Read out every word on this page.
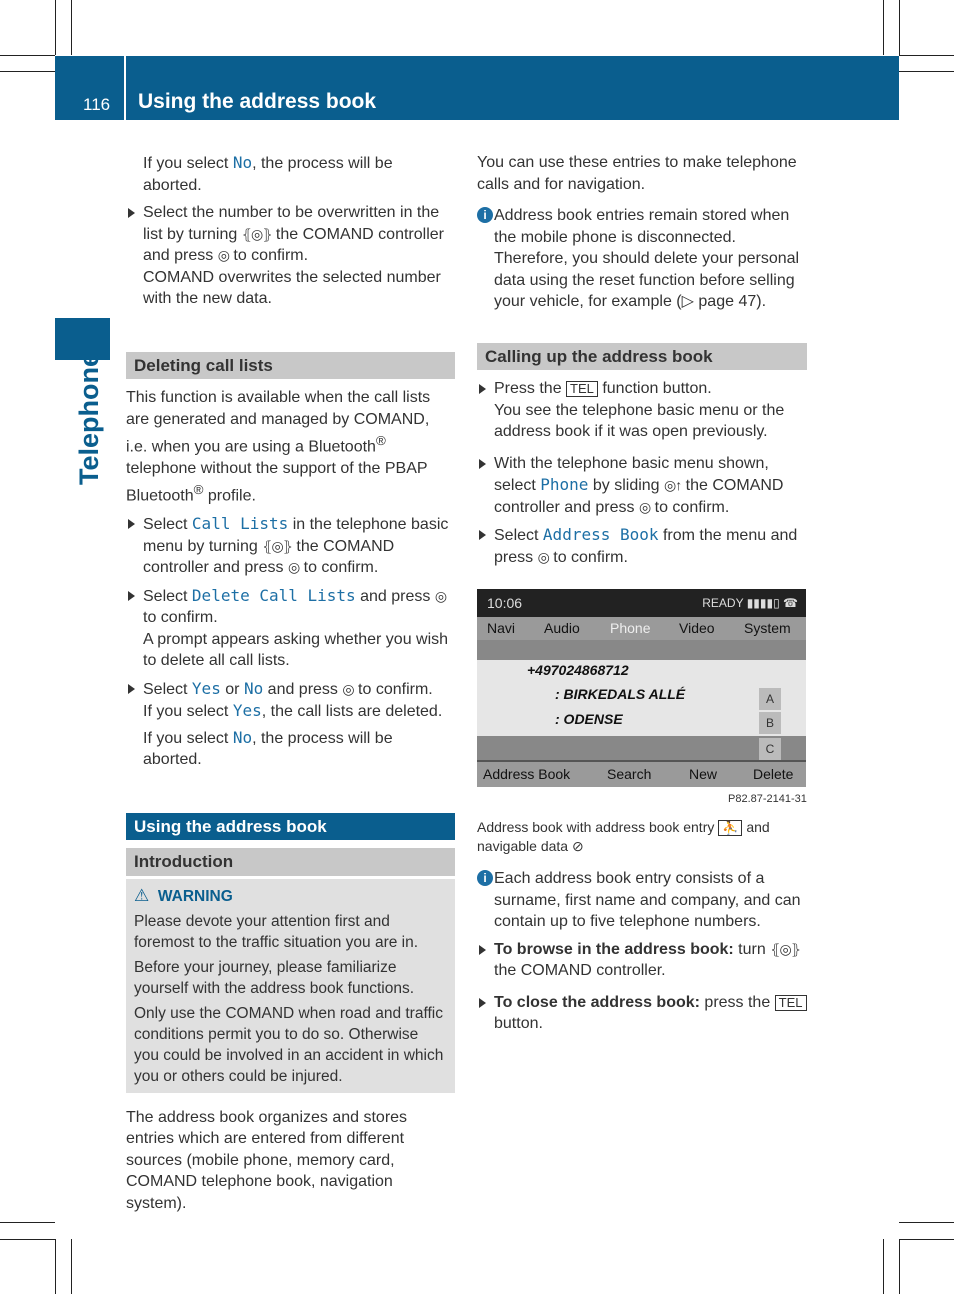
116 Using the address book
Telephone

If you select No, the process will be aborted.

Select the number to be overwritten in the list by turning ⦃◎⦄ the COMAND controller and press ◎ to confirm.

COMAND overwrites the selected number with the new data.

Deleting call lists

This function is available when the call lists are generated and managed by COMAND, i.e. when you are using a Bluetooth® telephone without the support of the PBAP Bluetooth® profile.

Select Call Lists in the telephone basic menu by turning ⦃◎⦄ the COMAND controller and press ◎ to confirm.
Select Delete Call Lists and press ◎ to confirm.

A prompt appears asking whether you wish to delete all call lists.

Select Yes or No and press ◎ to confirm.

If you select Yes, the call lists are deleted.

If you select No, the process will be aborted.

Using the address book
Introduction
⚠ WARNING

Please devote your attention first and foremost to the traffic situation you are in.

Before your journey, please familiarize yourself with the address book functions.

Only use the COMAND when road and traffic conditions permit you to do so. Otherwise you could be involved in an accident in which you or others could be injured.

The address book organizes and stores entries which are entered from different sources (mobile phone, memory card, COMAND telephone book, navigation system).

You can use these entries to make telephone calls and for navigation.

i Address book entries remain stored when the mobile phone is disconnected. Therefore, you should delete your personal data using the reset function before selling your vehicle, for example (▷ page 47).
Calling up the address book
Press the TEL function button.

You see the telephone basic menu or the address book if it was open previously.

With the telephone basic menu shown, select Phone by sliding ◎↑ the COMAND controller and press ◎ to confirm.
Select Address Book from the menu and press ◎ to confirm.
10:06	READY ▮▮▮▮▯ ☎
Navi Audio Phone Video System
+497024868712
: BIRKEDALS ALLÉ
: ODENSE
A
B
C
Address Book	Search	New	Delete
P82.87-2141-31

Address book with address book entry ⛹ and navigable data ⊘

i Each address book entry consists of a surname, first name and company, and can contain up to five telephone numbers.
To browse in the address book: turn ⦃◎⦄ the COMAND controller.
To close the address book: press the TEL button.
